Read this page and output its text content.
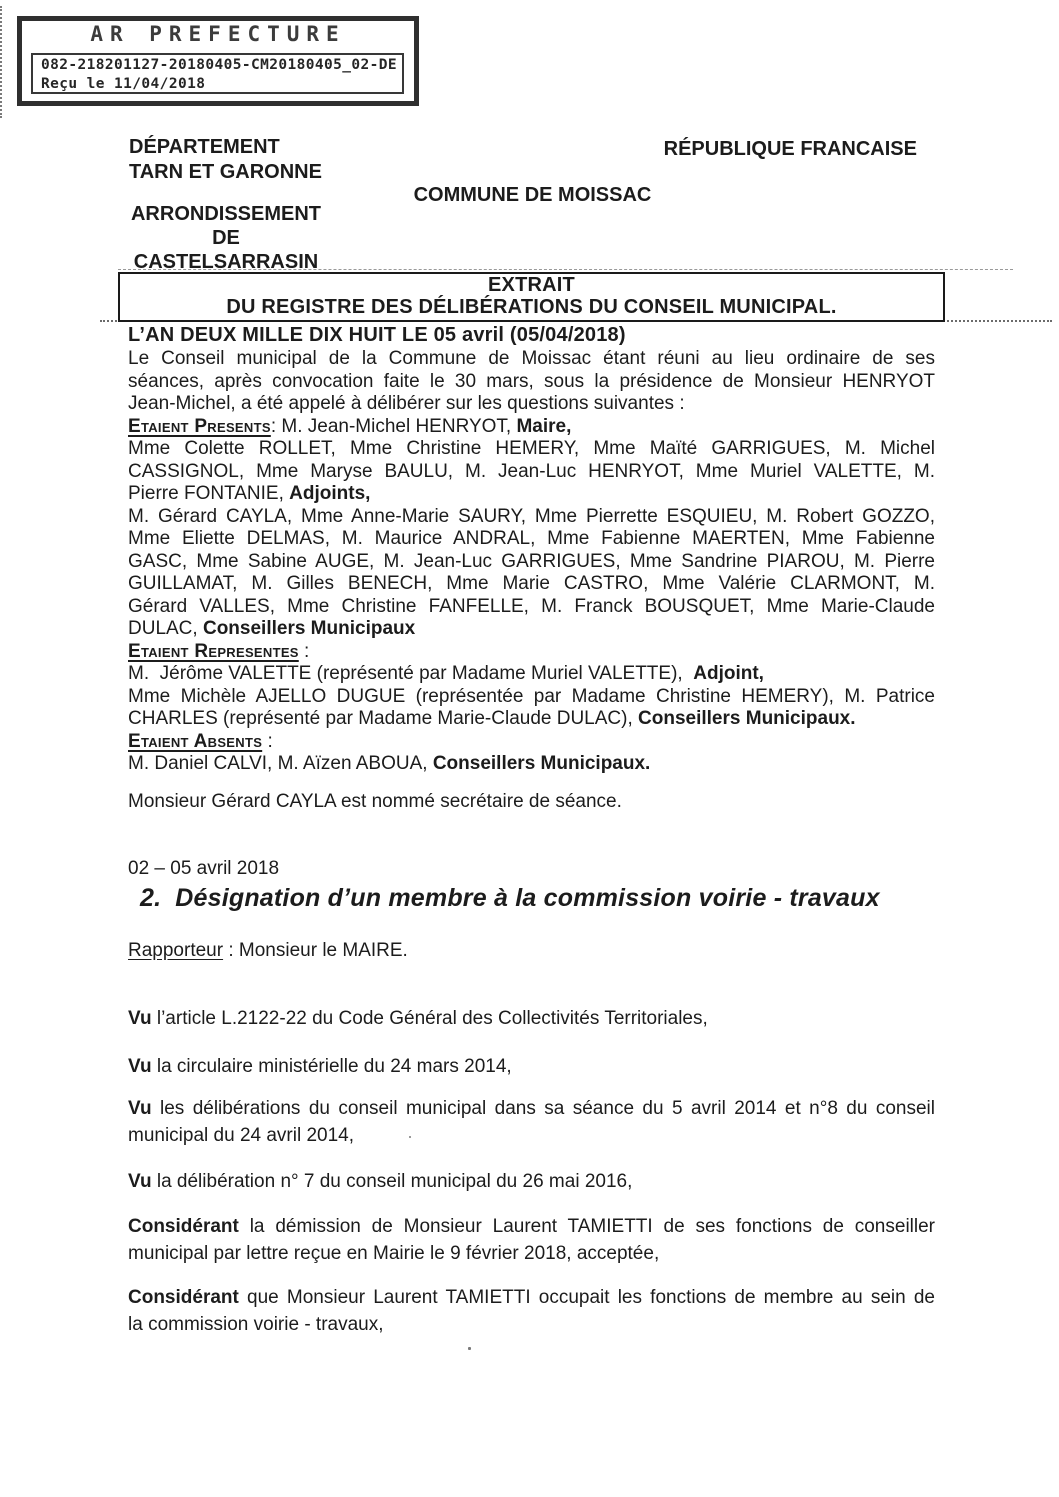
AR PREFECTURE
082-218201127-20180405-CM20180405_02-DE
Reçu le 11/04/2018
DÉPARTEMENT
TARN ET GARONNE
RÉPUBLIQUE FRANCAISE
COMMUNE DE MOISSAC
ARRONDISSEMENT
DE
CASTELSARRASIN
EXTRAIT
DU REGISTRE DES DÉLIBÉRATIONS DU CONSEIL MUNICIPAL.
L’AN DEUX MILLE DIX HUIT LE 05 avril (05/04/2018)
Le Conseil municipal de la Commune de Moissac étant réuni au lieu ordinaire de ses
séances, après convocation faite le 30 mars, sous la présidence de Monsieur HENRYOT
Jean-Michel, a été appelé à délibérer sur les questions suivantes :
Etaient Presents: M. Jean-Michel HENRYOT, Maire,
Mme Colette ROLLET, Mme Christine HEMERY, Mme Maïté GARRIGUES, M. Michel
CASSIGNOL, Mme Maryse BAULU, M. Jean-Luc HENRYOT, Mme Muriel VALETTE, M.
Pierre FONTANIE, Adjoints,
M. Gérard CAYLA, Mme Anne-Marie SAURY, Mme Pierrette ESQUIEU, M. Robert GOZZO,
Mme Eliette DELMAS, M. Maurice ANDRAL, Mme Fabienne MAERTEN, Mme Fabienne
GASC, Mme Sabine AUGE, M. Jean-Luc GARRIGUES, Mme Sandrine PIAROU, M. Pierre
GUILLAMAT, M. Gilles BENECH, Mme Marie CASTRO, Mme Valérie CLARMONT, M.
Gérard VALLES, Mme Christine FANFELLE, M. Franck BOUSQUET, Mme Marie-Claude
DULAC, Conseillers Municipaux
Etaient Representes :
M.  Jérôme VALETTE (représenté par Madame Muriel VALETTE),  Adjoint,
Mme Michèle AJELLO DUGUE (représentée par Madame Christine HEMERY), M. Patrice
CHARLES (représenté par Madame Marie-Claude DULAC), Conseillers Municipaux.
Etaient Absents :
M. Daniel CALVI, M. Aïzen ABOUA, Conseillers Municipaux.
Monsieur Gérard CAYLA est nommé secrétaire de séance.
02 – 05 avril 2018
2. Désignation d’un membre à la commission voirie - travaux
Rapporteur : Monsieur le MAIRE.
Vu l’article L.2122-22 du Code Général des Collectivités Territoriales,
Vu la circulaire ministérielle du 24 mars 2014,
Vu les délibérations du conseil municipal dans sa séance du 5 avril 2014 et n°8 du conseil
municipal du 24 avril 2014,
Vu la délibération n° 7 du conseil municipal du 26 mai 2016,
Considérant la démission de Monsieur Laurent TAMIETTI de ses fonctions de conseiller
municipal par lettre reçue en Mairie le 9 février 2018, acceptée,
Considérant que Monsieur Laurent TAMIETTI occupait les fonctions de membre au sein de
la commission voirie - travaux,
